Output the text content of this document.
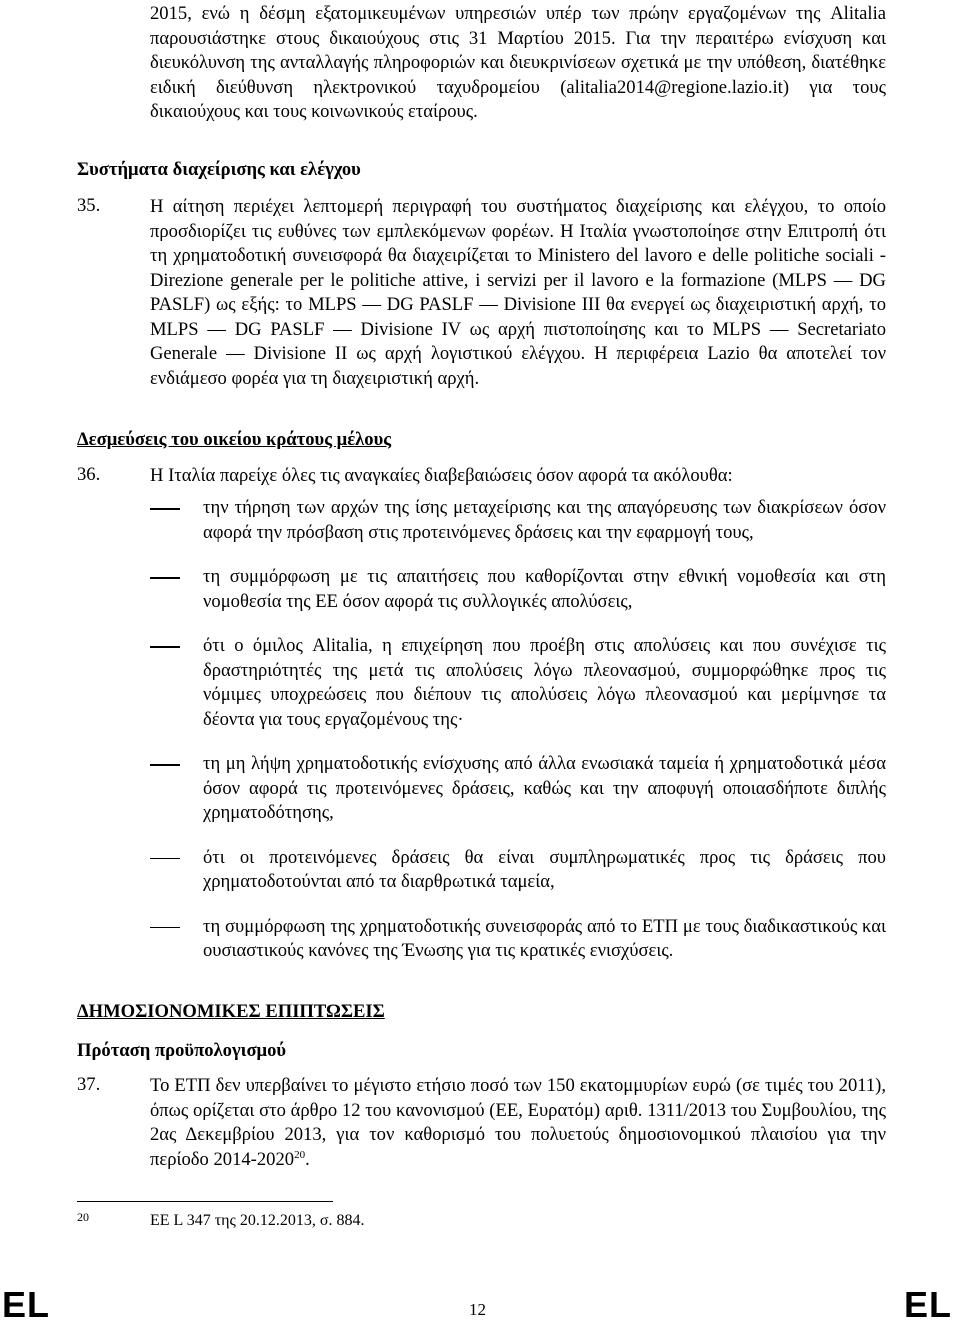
2015, ενώ η δέσμη εξατομικευμένων υπηρεσιών υπέρ των πρώην εργαζομένων της Alitalia παρουσιάστηκε στους δικαιούχους στις 31 Μαρτίου 2015. Για την περαιτέρω ενίσχυση και διευκόλυνση της ανταλλαγής πληροφοριών και διευκρινίσεων σχετικά με την υπόθεση, διατέθηκε ειδική διεύθυνση ηλεκτρονικού ταχυδρομείου (alitalia2014@regione.lazio.it) για τους δικαιούχους και τους κοινωνικούς εταίρους.

Συστήματα διαχείρισης και ελέγχου
35.	Η αίτηση περιέχει λεπτομερή περιγραφή του συστήματος διαχείρισης και ελέγχου, το οποίο προσδιορίζει τις ευθύνες των εμπλεκόμενων φορέων. Η Ιταλία γνωστοποίησε στην Επιτροπή ότι τη χρηματοδοτική συνεισφορά θα διαχειρίζεται το Ministero del lavoro e delle politiche sociali - Direzione generale per le politiche attive, i servizi per il lavoro e la formazione (MLPS — DG PASLF) ως εξής: το MLPS — DG PASLF — Divisione III θα ενεργεί ως διαχειριστική αρχή, το MLPS — DG PASLF — Divisione IV ως αρχή πιστοποίησης και το MLPS — Secretariato Generale — Divisione II ως αρχή λογιστικού ελέγχου. Η περιφέρεια Lazio θα αποτελεί τον ενδιάμεσο φορέα για τη διαχειριστική αρχή.

Δεσμεύσεις του οικείου κράτους μέλους
36.	Η Ιταλία παρείχε όλες τις αναγκαίες διαβεβαιώσεις όσον αφορά τα ακόλουθα:

την τήρηση των αρχών της ίσης μεταχείρισης και της απαγόρευσης των διακρίσεων όσον αφορά την πρόσβαση στις προτεινόμενες δράσεις και την εφαρμογή τους,
τη συμμόρφωση με τις απαιτήσεις που καθορίζονται στην εθνική νομοθεσία και στη νομοθεσία της ΕΕ όσον αφορά τις συλλογικές απολύσεις,
ότι ο όμιλος Alitalia, η επιχείρηση που προέβη στις απολύσεις και που συνέχισε τις δραστηριότητές της μετά τις απολύσεις λόγω πλεονασμού, συμμορφώθηκε προς τις νόμιμες υποχρεώσεις που διέπουν τις απολύσεις λόγω πλεονασμού και μερίμνησε τα δέοντα για τους εργαζομένους της·
τη μη λήψη χρηματοδοτικής ενίσχυσης από άλλα ενωσιακά ταμεία ή χρηματοδοτικά μέσα όσον αφορά τις προτεινόμενες δράσεις, καθώς και την αποφυγή οποιασδήποτε διπλής χρηματοδότησης,
ότι οι προτεινόμενες δράσεις θα είναι συμπληρωματικές προς τις δράσεις που χρηματοδοτούνται από τα διαρθρωτικά ταμεία,
τη συμμόρφωση της χρηματοδοτικής συνεισφοράς από το ΕΤΠ με τους διαδικαστικούς και ουσιαστικούς κανόνες της Ένωσης για τις κρατικές ενισχύσεις.
ΔΗΜΟΣΙΟΝΟΜΙΚΕΣ ΕΠΙΠΤΩΣΕΙΣ
Πρόταση προϋπολογισμού
37.	Το ΕΤΠ δεν υπερβαίνει το μέγιστο ετήσιο ποσό των 150 εκατομμυρίων ευρώ (σε τιμές του 2011), όπως ορίζεται στο άρθρο 12 του κανονισμού (ΕΕ, Ευρατόμ) αριθ. 1311/2013 του Συμβουλίου, της 2ας Δεκεμβρίου 2013, για τον καθορισμό του πολυετούς δημοσιονομικού πλαισίου για την περίοδο 2014-2020$^{20}$.

20	ΕΕ L 347 της 20.12.2013, σ. 884.
EL	12	EL
